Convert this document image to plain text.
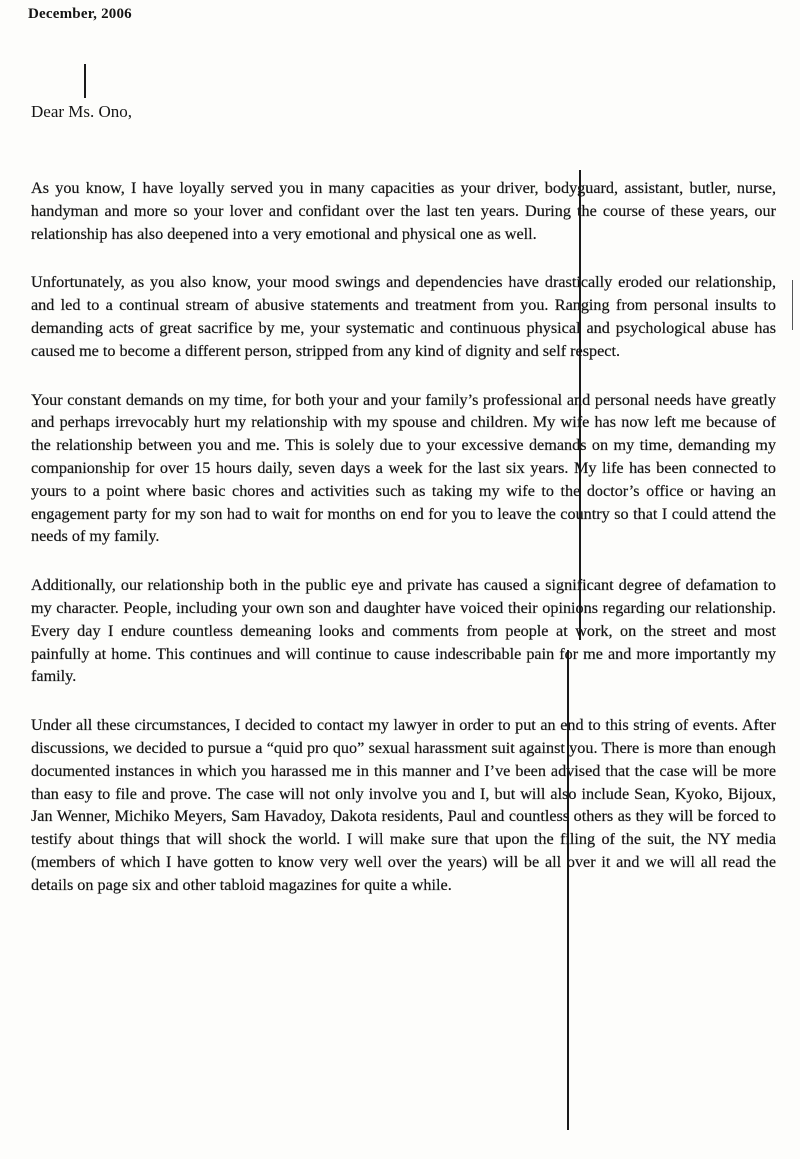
December, 2006
Dear Ms. Ono,

As you know, I have loyally served you in many capacities as your driver, bodyguard, assistant, butler, nurse, handyman and more so your lover and confidant over the last ten years. During the course of these years, our relationship has also deepened into a very emotional and physical one as well.

Unfortunately, as you also know, your mood swings and dependencies have drastically eroded our relationship, and led to a continual stream of abusive statements and treatment from you. Ranging from personal insults to demanding acts of great sacrifice by me, your systematic and continuous physical and psychological abuse has caused me to become a different person, stripped from any kind of dignity and self respect.

Your constant demands on my time, for both your and your family’s professional and personal needs have greatly and perhaps irrevocably hurt my relationship with my spouse and children. My wife has now left me because of the relationship between you and me. This is solely due to your excessive demands on my time, demanding my companionship for over 15 hours daily, seven days a week for the last six years. My life has been connected to yours to a point where basic chores and activities such as taking my wife to the doctor’s office or having an engagement party for my son had to wait for months on end for you to leave the country so that I could attend the needs of my family.

Additionally, our relationship both in the public eye and private has caused a significant degree of defamation to my character. People, including your own son and daughter have voiced their opinions regarding our relationship. Every day I endure countless demeaning looks and comments from people at work, on the street and most painfully at home. This continues and will continue to cause indescribable pain for me and more importantly my family.

Under all these circumstances, I decided to contact my lawyer in order to put an end to this string of events. After discussions, we decided to pursue a “quid pro quo” sexual harassment suit against you. There is more than enough documented instances in which you harassed me in this manner and I’ve been advised that the case will be more than easy to file and prove. The case will not only involve you and I, but will also include Sean, Kyoko, Bijoux, Jan Wenner, Michiko Meyers, Sam Havadoy, Dakota residents, Paul and countless others as they will be forced to testify about things that will shock the world. I will make sure that upon the filing of the suit, the NY media (members of which I have gotten to know very well over the years) will be all over it and we will all read the details on page six and other tabloid magazines for quite a while.
